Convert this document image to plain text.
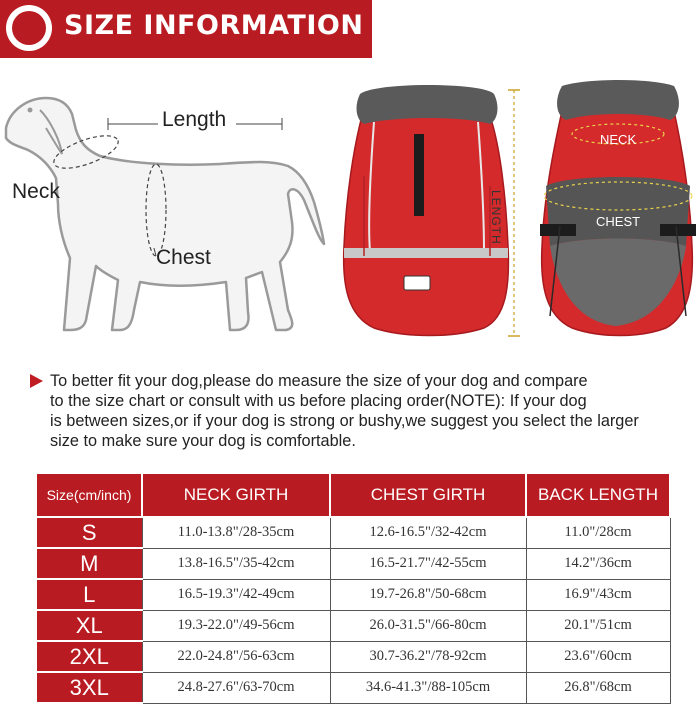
SIZE INFORMATION
Length
Neck
Chest
LENGTH
NECK
CHEST
To better fit your dog,please do measure the size of your dog and compare
to the size chart or consult with us before placing order(NOTE): If your dog
is between sizes,or if your dog is strong or bushy,we suggest you select the larger
size to make sure your dog is comfortable.
Size(cm/inch)	NECK GIRTH	CHEST GIRTH	BACK LENGTH
S	11.0-13.8"/28-35cm	12.6-16.5"/32-42cm	11.0"/28cm
M	13.8-16.5"/35-42cm	16.5-21.7"/42-55cm	14.2"/36cm
L	16.5-19.3"/42-49cm	19.7-26.8"/50-68cm	16.9"/43cm
XL	19.3-22.0"/49-56cm	26.0-31.5"/66-80cm	20.1"/51cm
2XL	22.0-24.8"/56-63cm	30.7-36.2"/78-92cm	23.6"/60cm
3XL	24.8-27.6"/63-70cm	34.6-41.3"/88-105cm	26.8"/68cm
